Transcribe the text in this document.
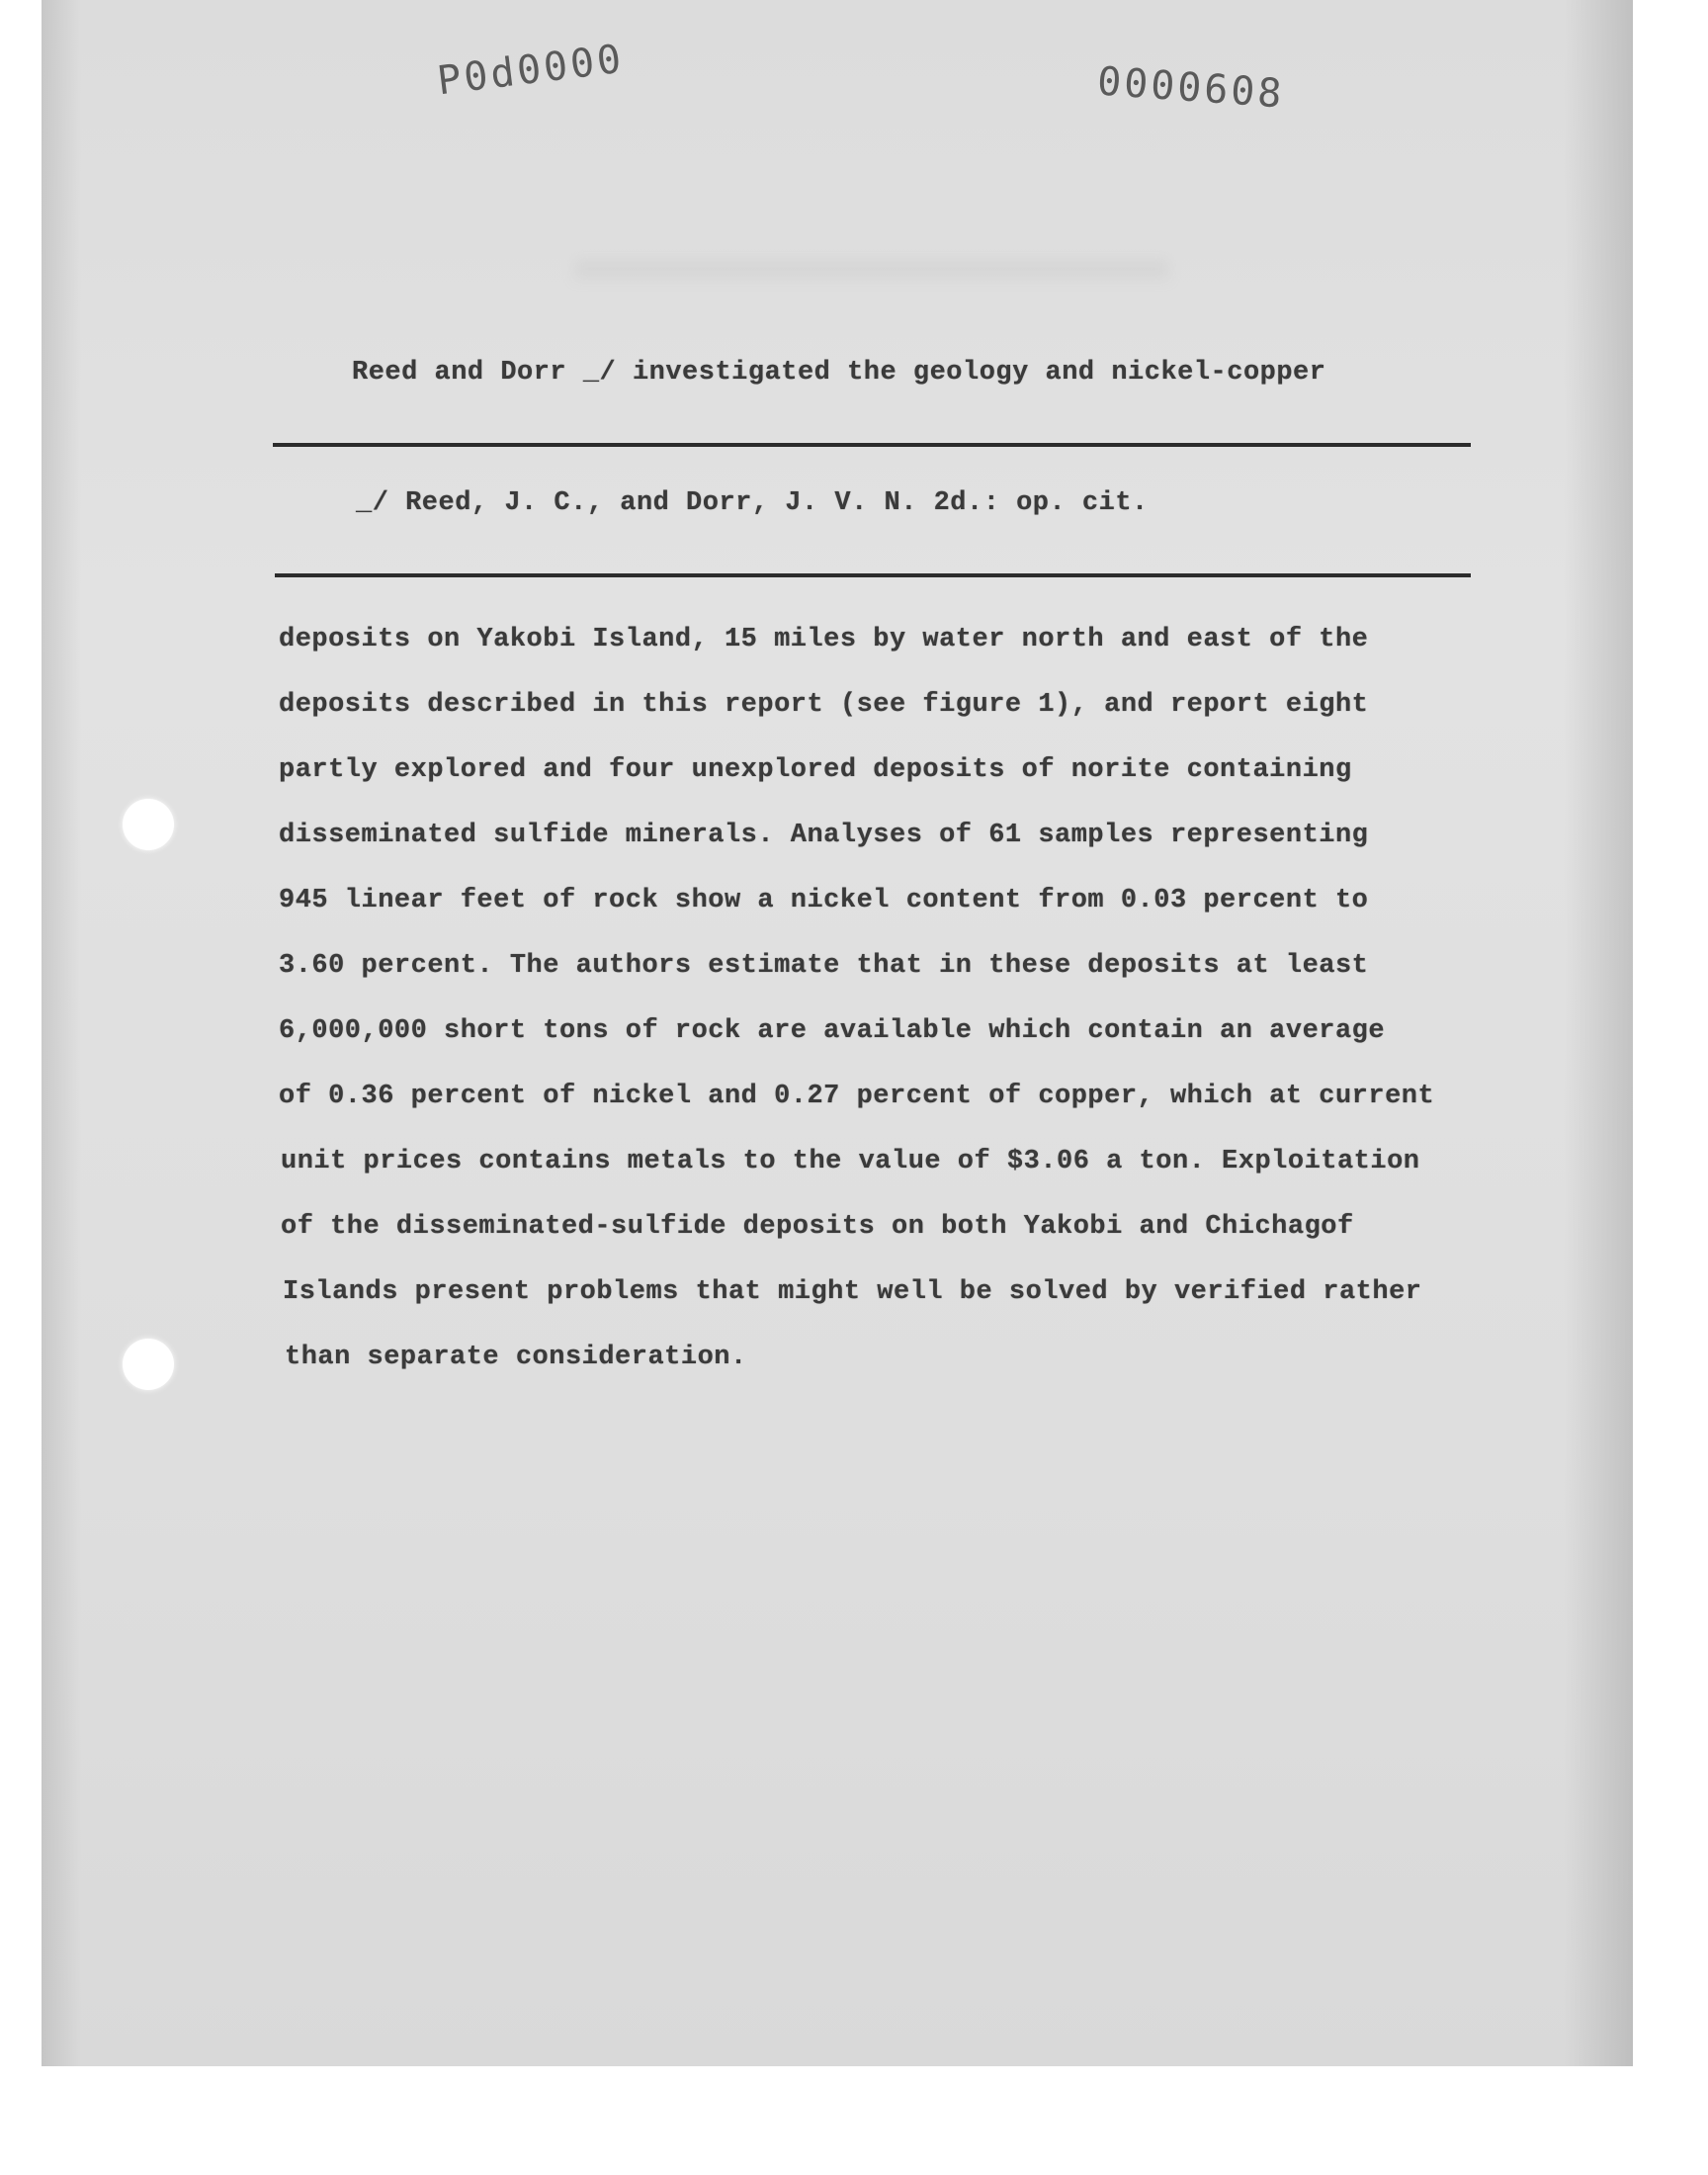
P0d0000	0000608
Reed and Dorr _/ investigated the geology and nickel-copper
_/ Reed, J. C., and Dorr, J. V. N. 2d.: op. cit.
deposits on Yakobi Island, 15 miles by water north and east of the
deposits described in this report (see figure 1), and report eight
partly explored and four unexplored deposits of norite containing
disseminated sulfide minerals. Analyses of 61 samples representing
945 linear feet of rock show a nickel content from 0.03 percent to
3.60 percent. The authors estimate that in these deposits at least
6,000,000 short tons of rock are available which contain an average
of 0.36 percent of nickel and 0.27 percent of copper, which at current
unit prices contains metals to the value of $3.06 a ton. Exploitation
of the disseminated-sulfide deposits on both Yakobi and Chichagof
Islands present problems that might well be solved by verified rather
than separate consideration.
